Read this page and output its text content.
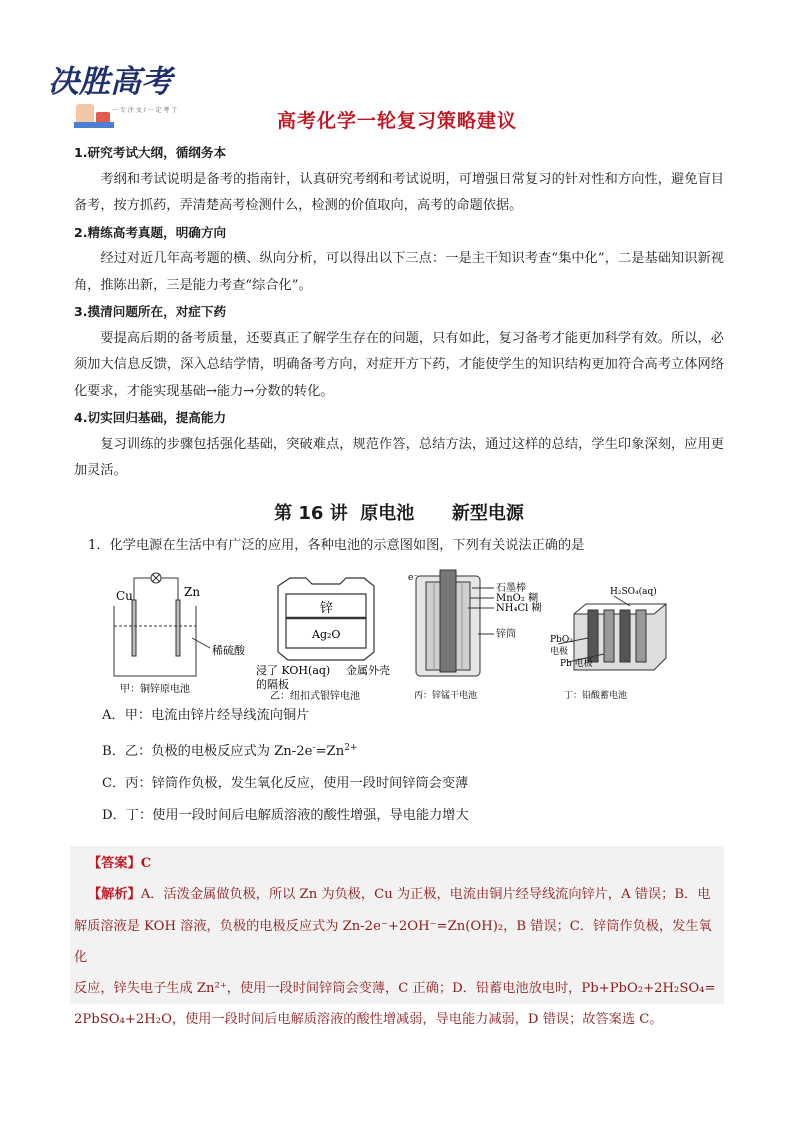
决胜高考
一 专 注 文 / 一 定 考 了	高考化学一轮复习策略建议
1.研究考试大纲，循纲务本
考纲和考试说明是备考的指南针，认真研究考纲和考试说明，可增强日常复习的针对性和方向性，避免盲目备考，按方抓药，弄清楚高考检测什么，检测的价值取向，高考的命题依据。
2.精练高考真题，明确方向
经过对近几年高考题的横、纵向分析，可以得出以下三点：一是主干知识考查“集中化”，二是基础知识新视角，推陈出新，三是能力考查“综合化”。
3.摸清问题所在，对症下药
要提高后期的备考质量，还要真正了解学生存在的问题，只有如此，复习备考才能更加科学有效。所以，必须加大信息反馈，深入总结学情，明确备考方向，对症开方下药，才能使学生的知识结构更加符合高考立体网络化要求，才能实现基础→能力→分数的转化。
4.切实回归基础，提高能力
复习训练的步骤包括强化基础，突破难点，规范作答，总结方法，通过这样的总结，学生印象深刻，应用更加灵活。
第 16 讲  原电池      新型电源
1．化学电源在生活中有广泛的应用，各种电池的示意图如图，下列有关说法正确的是
Cu	Zn
稀硫酸
甲：铜锌原电池
锌
Ag₂O
浸了 KOH(aq)
的隔板
金属外壳
乙：纽扣式银锌电池
e⁻
石墨棒
MnO₂ 糊
NH₄Cl 糊
锌筒
丙：锌锰干电池
H₂SO₄(aq)
PbO₂
电极
Pb 电极
丁：铅酸蓄电池
A．甲：电流由锌片经导线流向铜片
B．乙：负极的电极反应式为 $Zn-2e^-=Zn^{2+}$
C．丙：锌筒作负极，发生氧化反应，使用一段时间锌筒会变薄
D．丁：使用一段时间后电解质溶液的酸性增强，导电能力增大
【答案】C
【解析】A．活泼金属做负极，所以 Zn 为负极，Cu 为正极，电流由铜片经导线流向锌片，A 错误；B．电
解质溶液是 KOH 溶液，负极的电极反应式为 Zn-2e⁻+2OH⁻=Zn(OH)₂，B 错误；C．锌筒作负极，发生氧化
反应，锌失电子生成 Zn²⁺，使用一段时间锌筒会变薄，C 正确；D．铅蓄电池放电时，Pb+PbO₂+2H₂SO₄=
2PbSO₄+2H₂O，使用一段时间后电解质溶液的酸性增减弱，导电能力减弱，D 错误；故答案选 C。
